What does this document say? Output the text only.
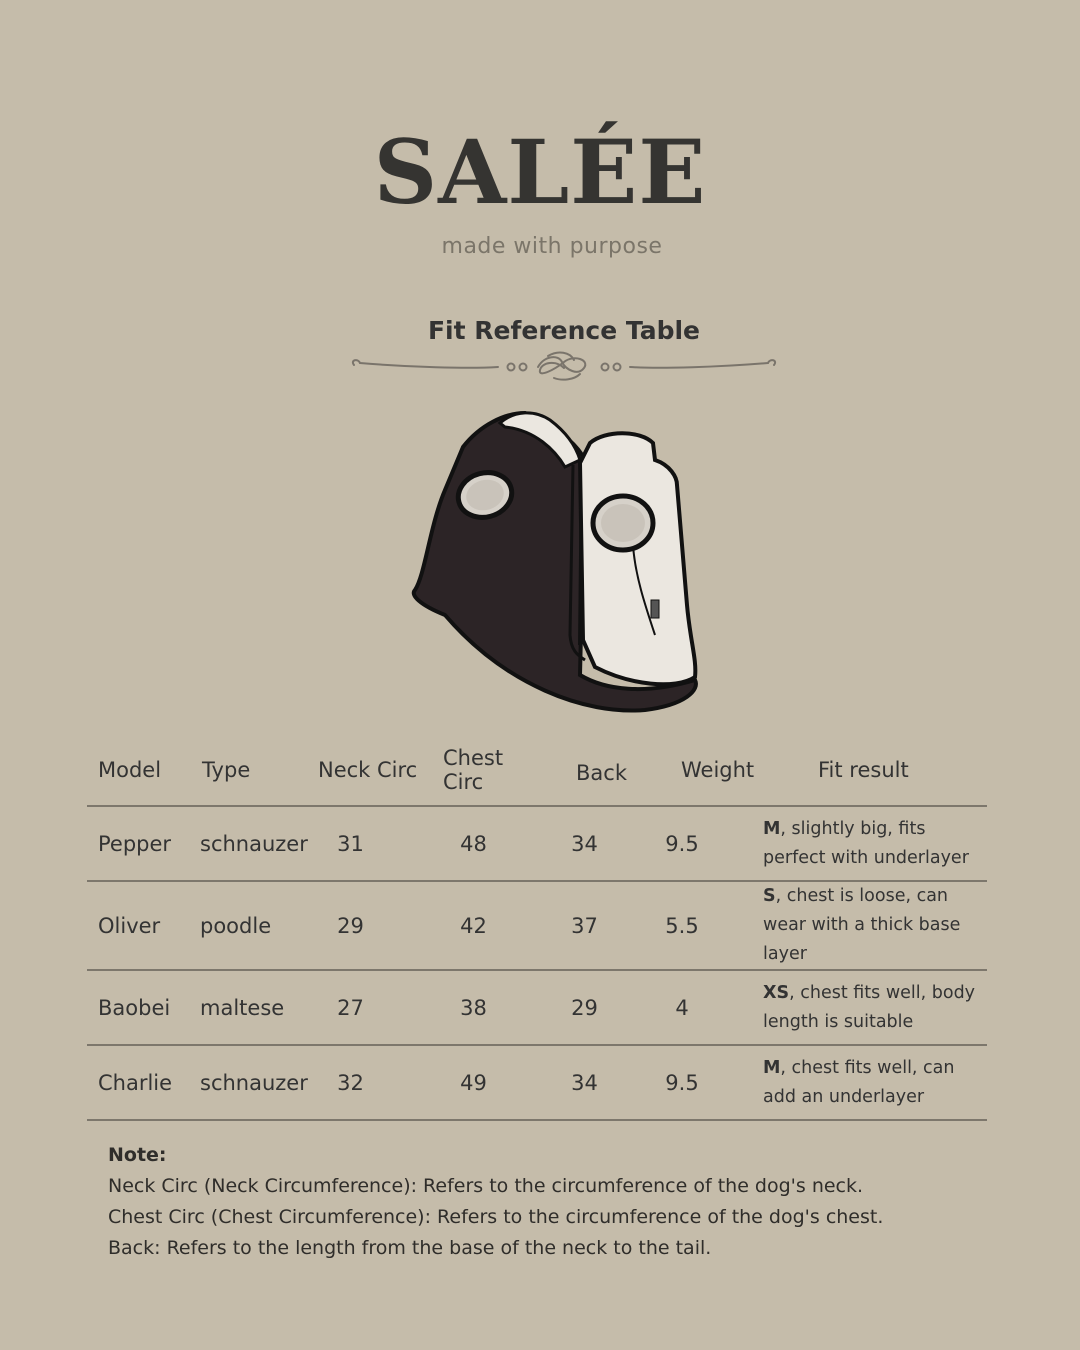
SALÉE
made with purpose
Fit Reference Table
Model	Type	Neck Circ	Chest Circ	Back	Weight	Fit result
Pepper	schnauzer	31	48	34	9.5	M, slightly big, fits perfect with underlayer
Oliver	poodle	29	42	37	5.5	S, chest is loose, can wear with a thick base layer
Baobei	maltese	27	38	29	4	XS, chest fits well, body length is suitable
Charlie	schnauzer	32	49	34	9.5	M, chest fits well, can add an underlayer
Note:
Neck Circ (Neck Circumference): Refers to the circumference of the dog's neck.
Chest Circ (Chest Circumference): Refers to the circumference of the dog's chest.
Back: Refers to the length from the base of the neck to the tail.
